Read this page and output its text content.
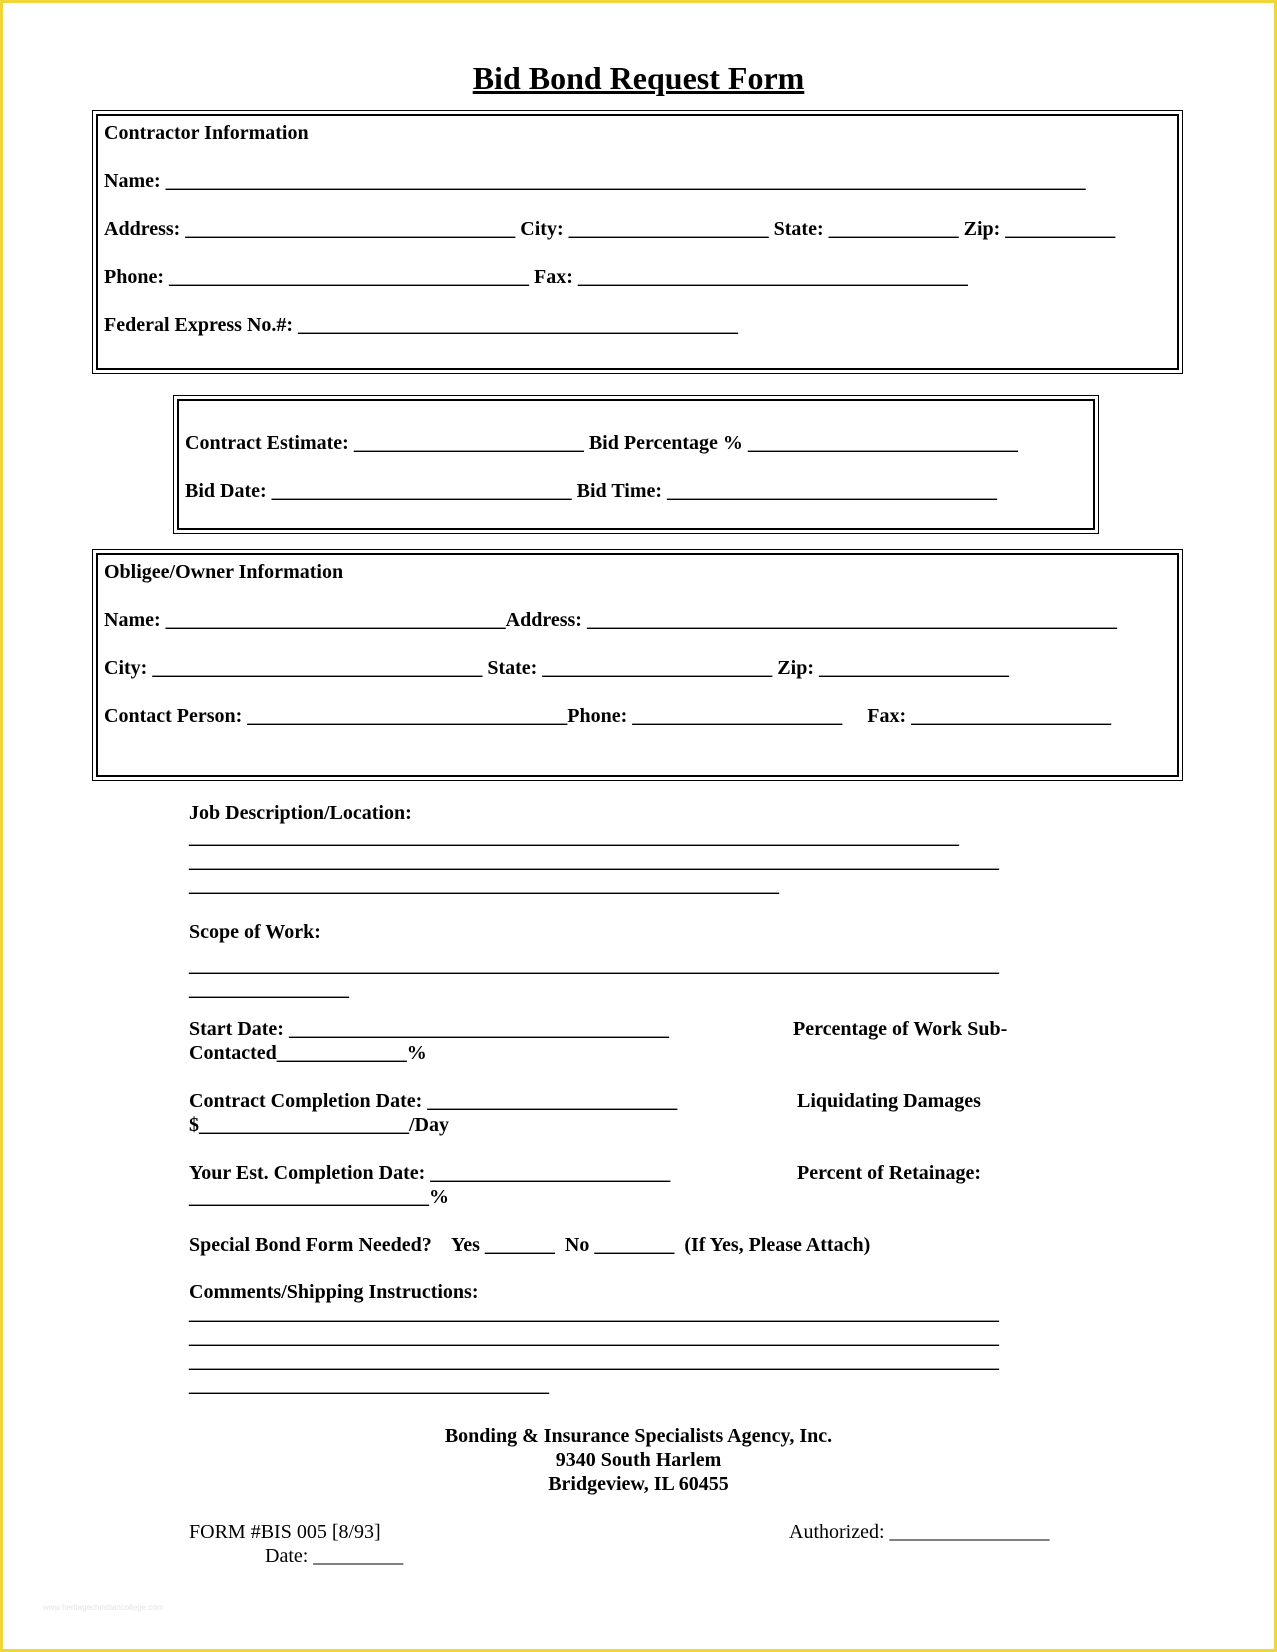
Bid Bond Request Form
Contractor Information
Name: ____________________________________________________________________________________________
Address: _________________________________ City: ____________________ State: _____________ Zip: ___________
Phone: ____________________________________ Fax: _______________________________________
Federal Express No.#: ____________________________________________
Contract Estimate: _______________________ Bid Percentage % ___________________________
Bid Date: ______________________________ Bid Time: _________________________________
Obligee/Owner Information
Name: __________________________________Address: _____________________________________________________
City: _________________________________ State: _______________________ Zip: ___________________
Contact Person: ________________________________Phone: _____________________     Fax: ____________________
Job Description/Location:
_____________________________________________________________________________
_________________________________________________________________________________
___________________________________________________________
Scope of Work:
_________________________________________________________________________________
________________
Start Date: ______________________________________	Percentage of Work Sub-
Contacted_____________%
Contract Completion Date: _________________________	Liquidating Damages
$_____________________/Day
Your Est. Completion Date: ________________________	Percent of Retainage:
________________________%
Special Bond Form Needed?    Yes _______  No ________  (If Yes, Please Attach)
Comments/Shipping Instructions:
_________________________________________________________________________________
_________________________________________________________________________________
_________________________________________________________________________________
____________________________________
Bonding & Insurance Specialists Agency, Inc.
9340 South Harlem
Bridgeview, IL 60455
FORM #BIS 005 [8/93]	Authorized: ________________
Date: _________
www.heritagechristiancollege.com
